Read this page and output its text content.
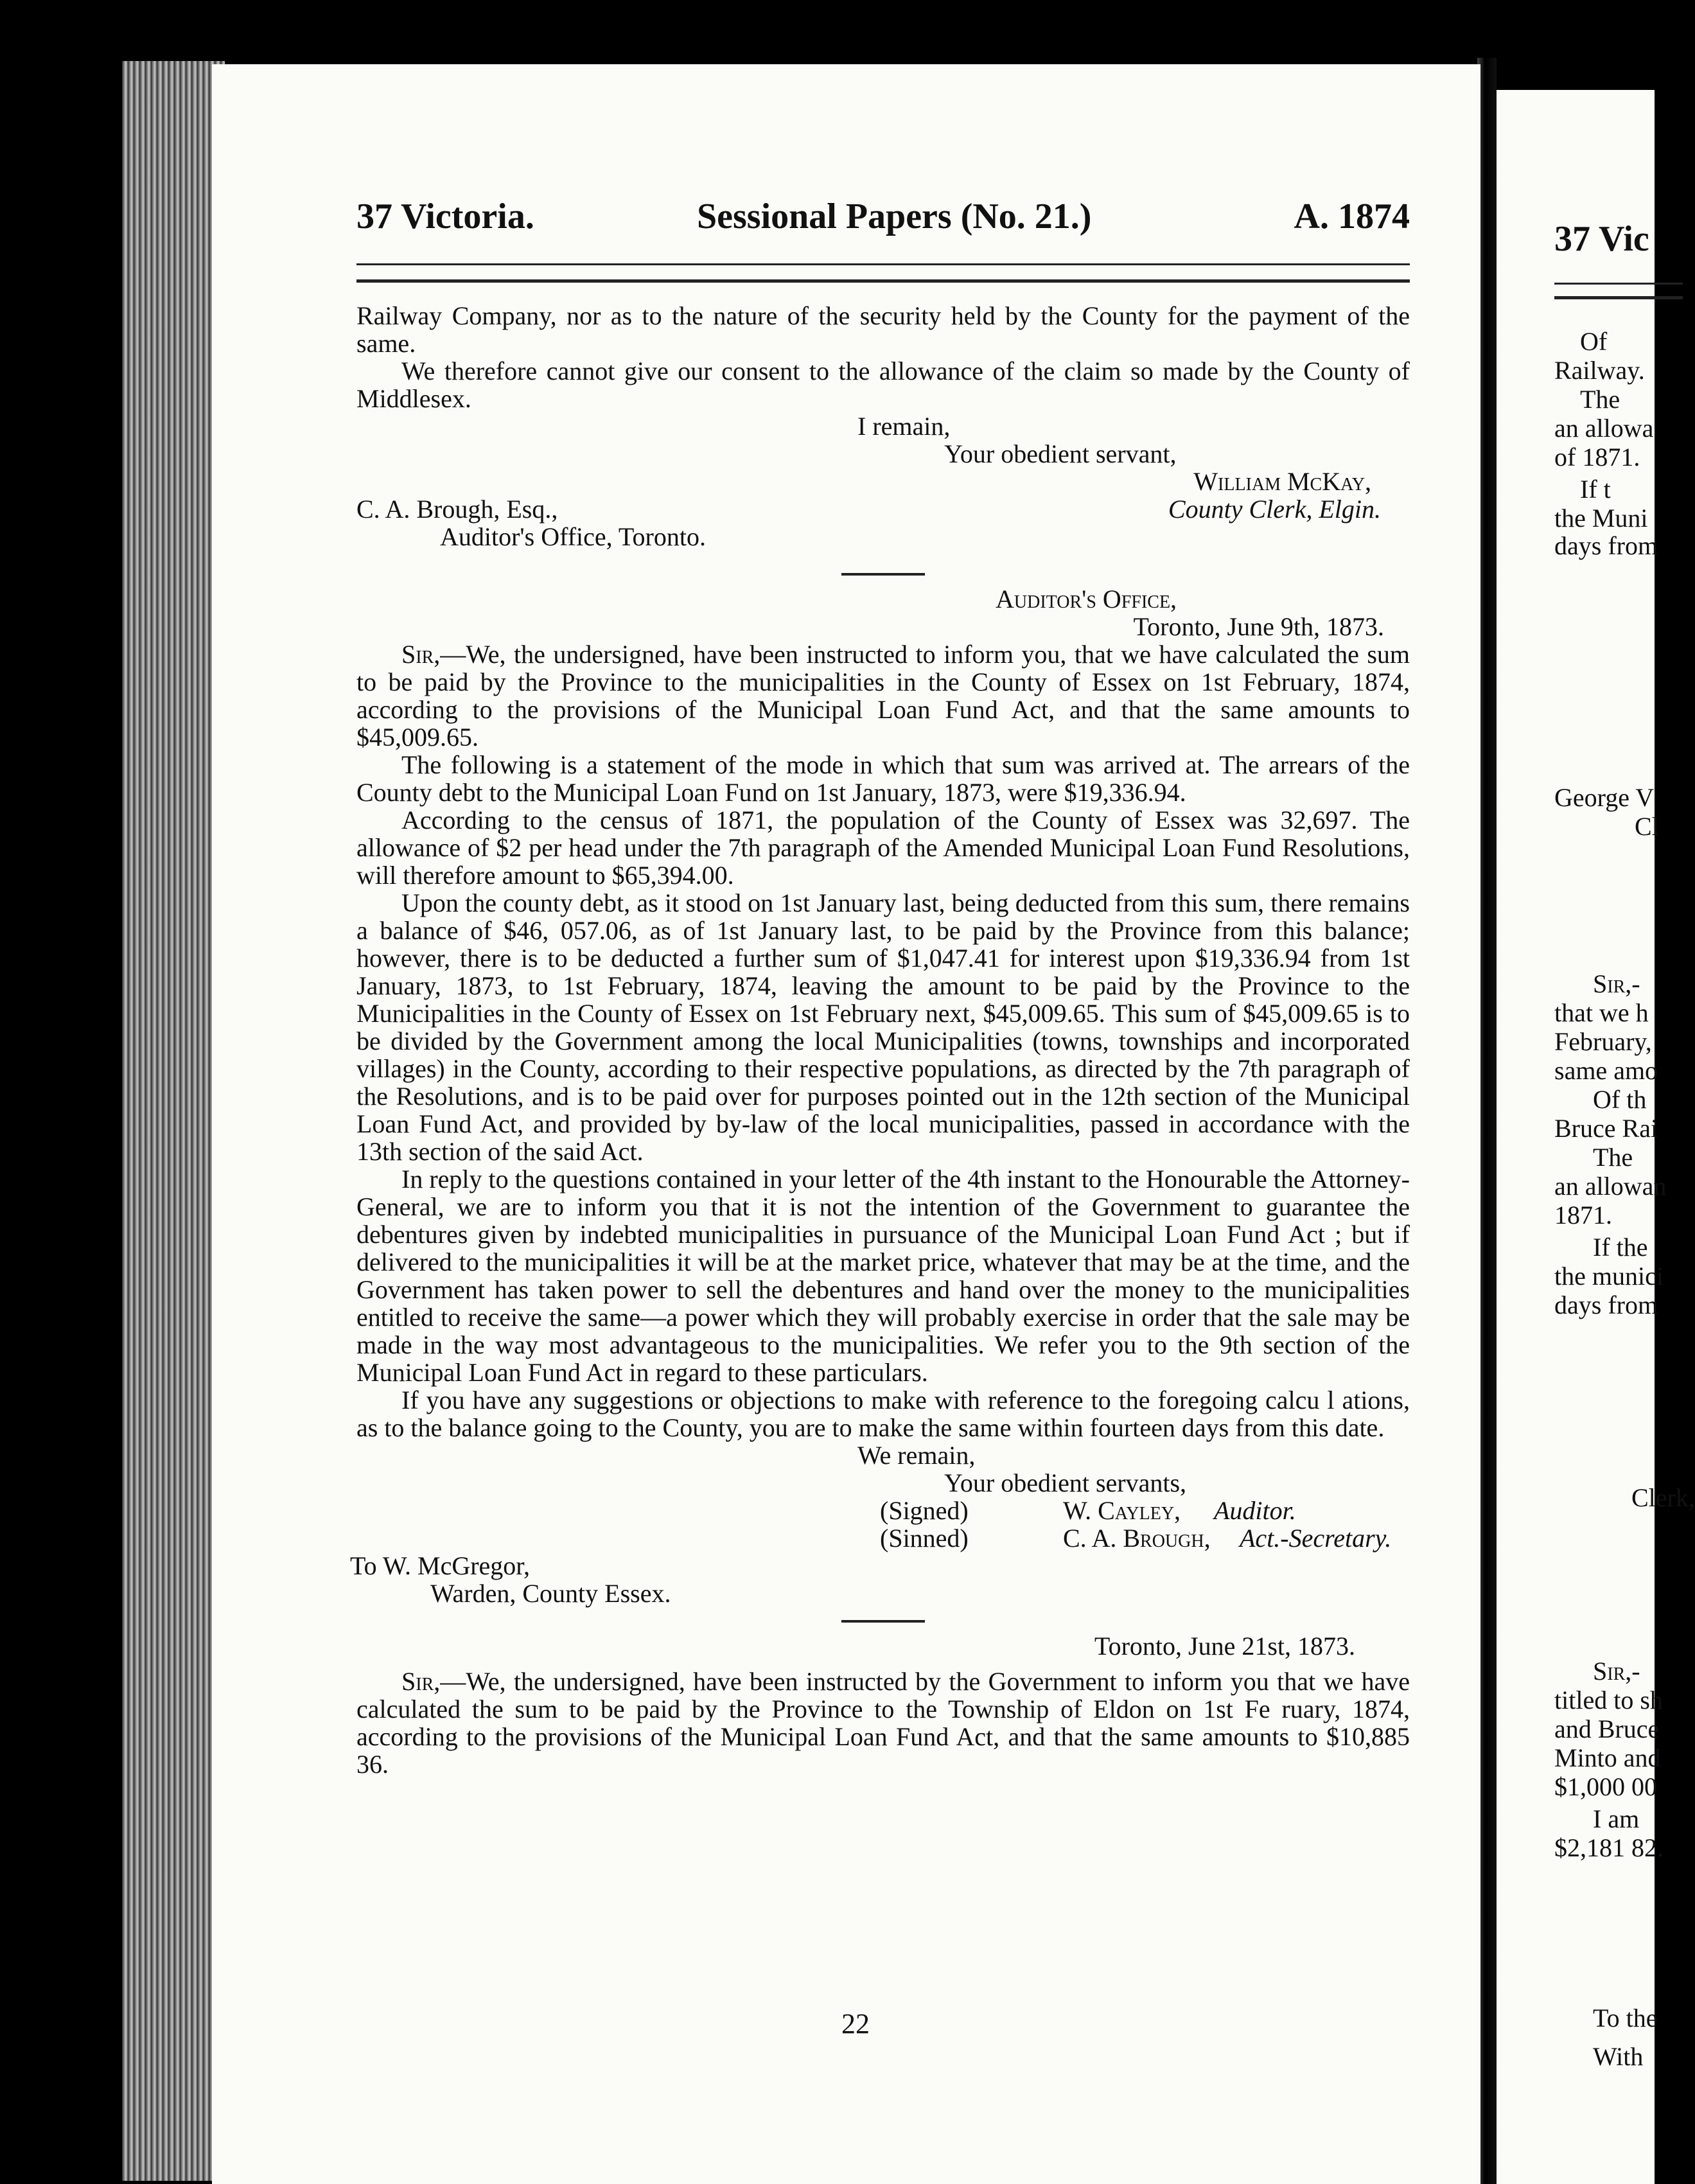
37 Victoria.	Sessional Papers (No. 21.)	A. 1874

Railway Company, nor as to the nature of the security held by the County for the payment of the same.

We therefore cannot give our consent to the allowance of the claim so made by the County of Middlesex.

I remain,
Your obedient servant,
William McKay,
C. A. Brough, Esq.,	County Clerk, Elgin.
Auditor's Office, Toronto.
Auditor's Office,
Toronto, June 9th, 1873.

Sir,—We, the undersigned, have been instructed to inform you, that we have calculated the sum to be paid by the Province to the municipalities in the County of Essex on 1st February, 1874, according to the provisions of the Municipal Loan Fund Act, and that the same amounts to $45,009.65.

The following is a statement of the mode in which that sum was arrived at. The arrears of the County debt to the Municipal Loan Fund on 1st January, 1873, were $19,336.94.

According to the census of 1871, the population of the County of Essex was 32,697. The allowance of $2 per head under the 7th paragraph of the Amended Municipal Loan Fund Resolutions, will therefore amount to $65,394.00.

Upon the county debt, as it stood on 1st January last, being deducted from this sum, there remains a balance of $46, 057.06, as of 1st January last, to be paid by the Province from this balance; however, there is to be deducted a further sum of $1,047.41 for interest upon $19,336.94 from 1st January, 1873, to 1st February, 1874, leaving the amount to be paid by the Province to the Municipalities in the County of Essex on 1st February next, $45,009.65. This sum of $45,009.65 is to be divided by the Government among the local Municipalities (towns, townships and incorporated villages) in the County, according to their respective populations, as directed by the 7th paragraph of the Resolutions, and is to be paid over for purposes pointed out in the 12th section of the Municipal Loan Fund Act, and provided by by-law of the local municipalities, passed in accordance with the 13th section of the said Act.

In reply to the questions contained in your letter of the 4th instant to the Honourable the Attorney-General, we are to inform you that it is not the intention of the Government to guarantee the debentures given by indebted municipalities in pursuance of the Municipal Loan Fund Act ; but if delivered to the municipalities it will be at the market price, whatever that may be at the time, and the Government has taken power to sell the debentures and hand over the money to the municipalities entitled to receive the same—a power which they will probably exercise in order that the sale may be made in the way most advantageous to the municipalities. We refer you to the 9th section of the Municipal Loan Fund Act in regard to these particulars.

If you have any suggestions or objections to make with reference to the foregoing calcu l ations, as to the balance going to the County, you are to make the same within fourteen days from this date.

We remain,
Your obedient servants,
(Signed)	W. Cayley, Auditor.
(Sinned)	C. A. Brough, Act.-Secretary.
To W. McGregor,
Warden, County Essex.
Toronto, June 21st, 1873.

Sir,—We, the undersigned, have been instructed by the Government to inform you that we have calculated the sum to be paid by the Province to the Township of Eldon on 1st Fe ruary, 1874, according to the provisions of the Municipal Loan Fund Act, and that the same amounts to $10,885 36.

22
37 Vic
Of
Railway.
The
an allowa
of 1871.
If t
the Muni
days from
George V
Cl
Sir,-
that we h
February,
same amo
Of th
Bruce Rai
The
an allowan
1871.
If the
the munici
days from
Clerk,
Sir,-
titled to sh
and Bruce
Minto and
$1,000 00
I am
$2,181 82.
To the
With
